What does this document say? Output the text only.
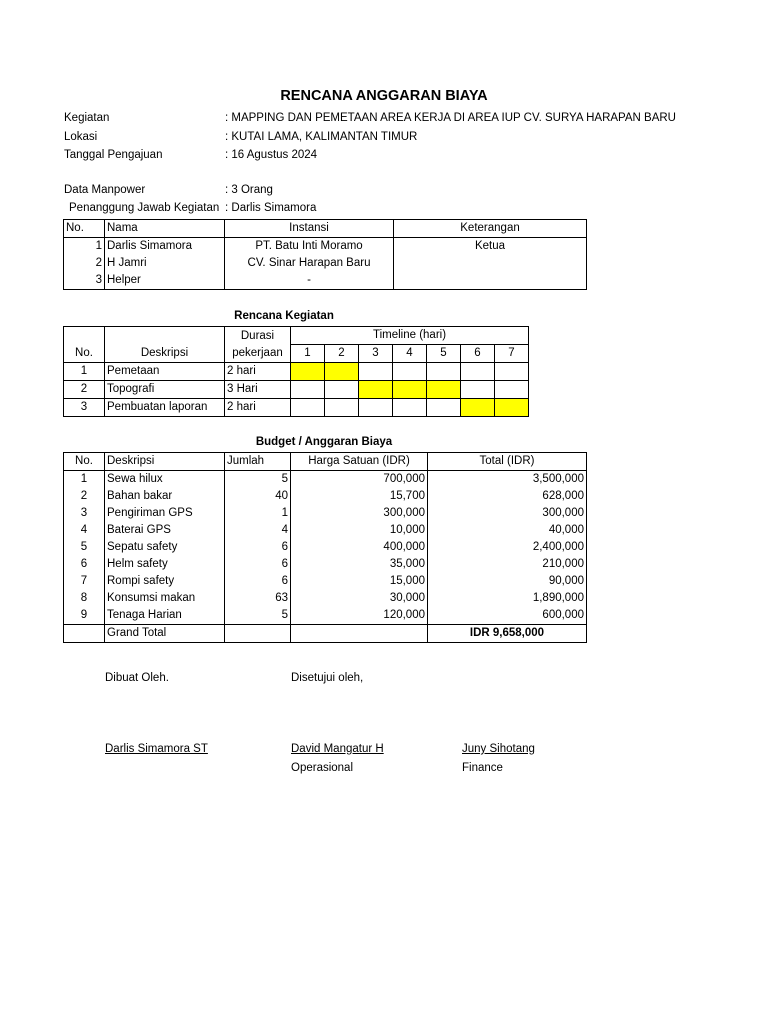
RENCANA ANGGARAN BIAYA
Kegiatan	: MAPPING DAN PEMETAAN AREA KERJA DI AREA IUP CV. SURYA HARAPAN BARU
Lokasi	: KUTAI LAMA, KALIMANTAN TIMUR
Tanggal Pengajuan	: 16 Agustus 2024
Data Manpower	: 3 Orang
Penanggung Jawab Kegiatan : Darlis Simamora
No.	Nama	Instansi	Keterangan
1	Darlis Simamora	PT. Batu Inti Moramo	Ketua
2	H Jamri	CV. Sinar Harapan Baru	
3	Helper	-	
Rencana Kegiatan
		Durasi	Timeline (hari)						
No.	Deskripsi	pekerjaan	1	2	3	4	5	6	7
1	Pemetaan	2 hari							
2	Topografi	3 Hari							
3	Pembuatan laporan	2 hari							
Budget / Anggaran Biaya
No.	Deskripsi	Jumlah	Harga Satuan (IDR)	Total (IDR)
1	Sewa hilux	5	700,000	3,500,000
2	Bahan bakar	40	15,700	628,000
3	Pengiriman GPS	1	300,000	300,000
4	Baterai GPS	4	10,000	40,000
5	Sepatu safety	6	400,000	2,400,000
6	Helm safety	6	35,000	210,000
7	Rompi safety	6	15,000	90,000
8	Konsumsi makan	63	30,000	1,890,000
9	Tenaga Harian	5	120,000	600,000
	Grand Total			IDR 9,658,000
Dibuat Oleh.	Disetujui oleh,
Darlis Simamora ST	David Mangatur H	Juny Sihotang
Operasional	Finance
